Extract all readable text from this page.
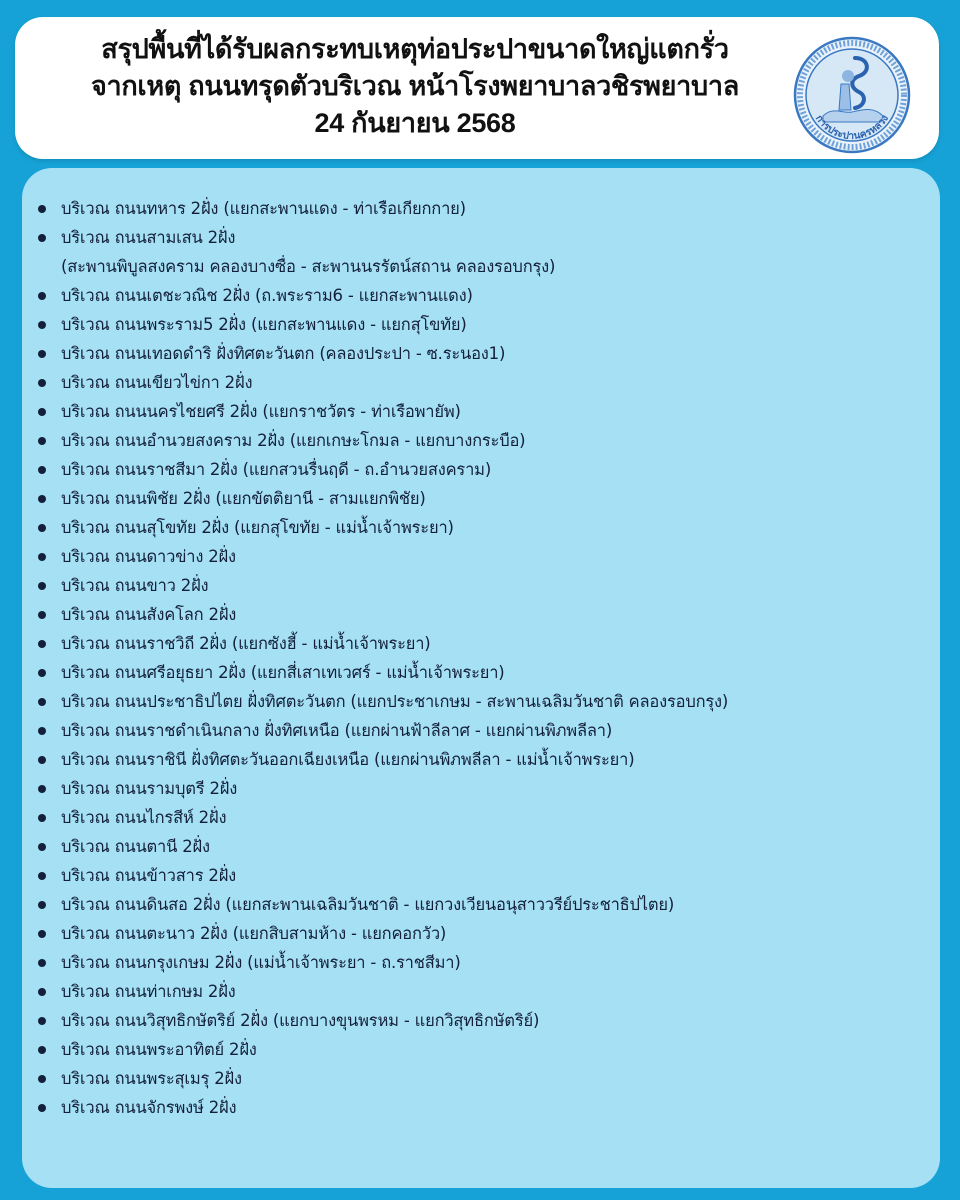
สรุปพื้นที่ได้รับผลกระทบเหตุท่อประปาขนาดใหญ่แตกรั่ว
จากเหตุ ถนนทรุดตัวบริเวณ หน้าโรงพยาบาลวชิรพยาบาล
24 กันยายน 2568	การประปานครหลวง
บริเวณ ถนนทหาร 2ฝั่ง (แยกสะพานแดง - ท่าเรือเกียกกาย)
บริเวณ ถนนสามเสน 2ฝั่ง
(สะพานพิบูลสงคราม คลองบางซื่อ - สะพานนรรัตน์สถาน คลองรอบกรุง)
บริเวณ ถนนเตชะวณิช 2ฝั่ง (ถ.พระราม6 - แยกสะพานแดง)
บริเวณ ถนนพระราม5 2ฝั่ง (แยกสะพานแดง - แยกสุโขทัย)
บริเวณ ถนนเทอดดำริ ฝั่งทิศตะวันตก (คลองประปา - ซ.ระนอง1)
บริเวณ ถนนเขียวไข่กา 2ฝั่ง
บริเวณ ถนนนครไชยศรี 2ฝั่ง (แยกราชวัตร - ท่าเรือพายัพ)
บริเวณ ถนนอำนวยสงคราม 2ฝั่ง (แยกเกษะโกมล - แยกบางกระบือ)
บริเวณ ถนนราชสีมา 2ฝั่ง (แยกสวนรื่นฤดี - ถ.อำนวยสงคราม)
บริเวณ ถนนพิชัย 2ฝั่ง (แยกขัตติยานี - สามแยกพิชัย)
บริเวณ ถนนสุโขทัย 2ฝั่ง (แยกสุโขทัย - แม่น้ำเจ้าพระยา)
บริเวณ ถนนดาวข่าง 2ฝั่ง
บริเวณ ถนนขาว 2ฝั่ง
บริเวณ ถนนสังคโลก 2ฝั่ง
บริเวณ ถนนราชวิถี 2ฝั่ง (แยกซังฮี้ - แม่น้ำเจ้าพระยา)
บริเวณ ถนนศรีอยุธยา 2ฝั่ง (แยกสี่เสาเทเวศร์ - แม่น้ำเจ้าพระยา)
บริเวณ ถนนประชาธิปไตย ฝั่งทิศตะวันตก (แยกประชาเกษม - สะพานเฉลิมวันชาติ คลองรอบกรุง)
บริเวณ ถนนราชดำเนินกลาง ฝั่งทิศเหนือ (แยกผ่านฟ้าลีลาศ - แยกผ่านพิภพลีลา)
บริเวณ ถนนราชินี ฝั่งทิศตะวันออกเฉียงเหนือ (แยกผ่านพิภพลีลา - แม่น้ำเจ้าพระยา)
บริเวณ ถนนรามบุตรี 2ฝั่ง
บริเวณ ถนนไกรสีห์ 2ฝั่ง
บริเวณ ถนนตานี 2ฝั่ง
บริเวณ ถนนข้าวสาร 2ฝั่ง
บริเวณ ถนนดินสอ 2ฝั่ง (แยกสะพานเฉลิมวันชาติ - แยกวงเวียนอนุสาววรีย์ประชาธิปไตย)
บริเวณ ถนนตะนาว 2ฝั่ง (แยกสิบสามห้าง - แยกคอกวัว)
บริเวณ ถนนกรุงเกษม 2ฝั่ง (แม่น้ำเจ้าพระยา - ถ.ราชสีมา)
บริเวณ ถนนท่าเกษม 2ฝั่ง
บริเวณ ถนนวิสุทธิกษัตริย์ 2ฝั่ง (แยกบางขุนพรหม - แยกวิสุทธิกษัตริย์)
บริเวณ ถนนพระอาทิตย์ 2ฝั่ง
บริเวณ ถนนพระสุเมรุ 2ฝั่ง
บริเวณ ถนนจักรพงษ์ 2ฝั่ง
